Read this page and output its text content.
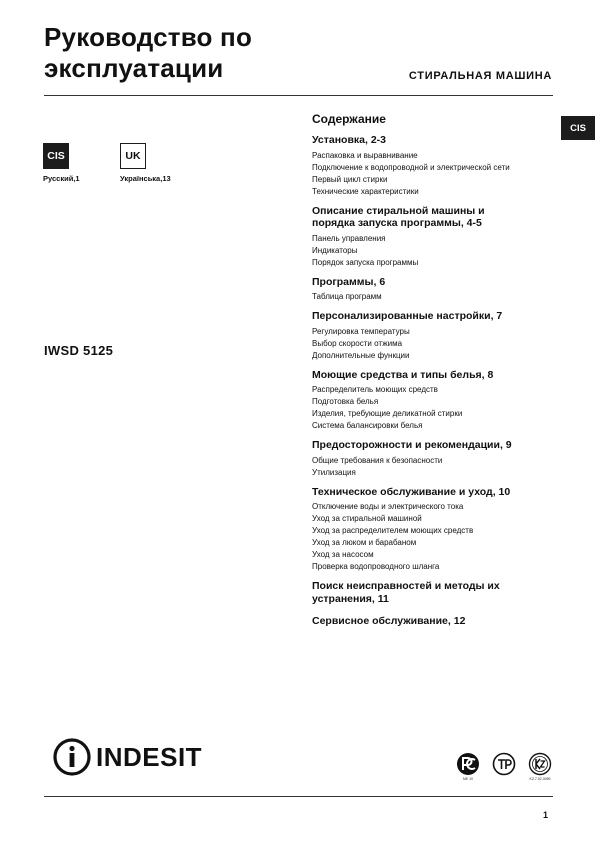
Руководство по
эксплуатации	СТИРАЛЬНАЯ МАШИНА
CIS
CIS
Русский,1
UK
Українська,13
IWSD 5125
Содержание
Установка, 2-3
Распаковка и выравнивание
Подключение к водопроводной и электрической сети
Первый цикл стирки
Технические характеристики
Описание стиральной машины и порядка запуска программы, 4-5
Панель управления
Индикаторы
Порядок запуска программы
Программы, 6
Таблица программ
Персонализированные настройки, 7
Регулировка температуры
Выбор скорости отжима
Дополнительные функции
Моющие средства и типы белья, 8
Распределитель моющих средств
Подготовка белья
Изделия, требующие деликатной стирки
Система балансировки белья
Предосторожности и рекомендации, 9
Общие требования к безопасности
Утилизация
Техническое обслуживание и уход, 10
Отключение воды и электрического тока
Уход за стиральной машиной
Уход за распределителем моющих средств
Уход за люком и барабаном
Уход за насосом
Проверка водопроводного шланга
Поиск неисправностей и методы их устранения, 11
Сервисное обслуживание, 12
INDESIT
МЕ 10	KZ.7.02.0089
1
